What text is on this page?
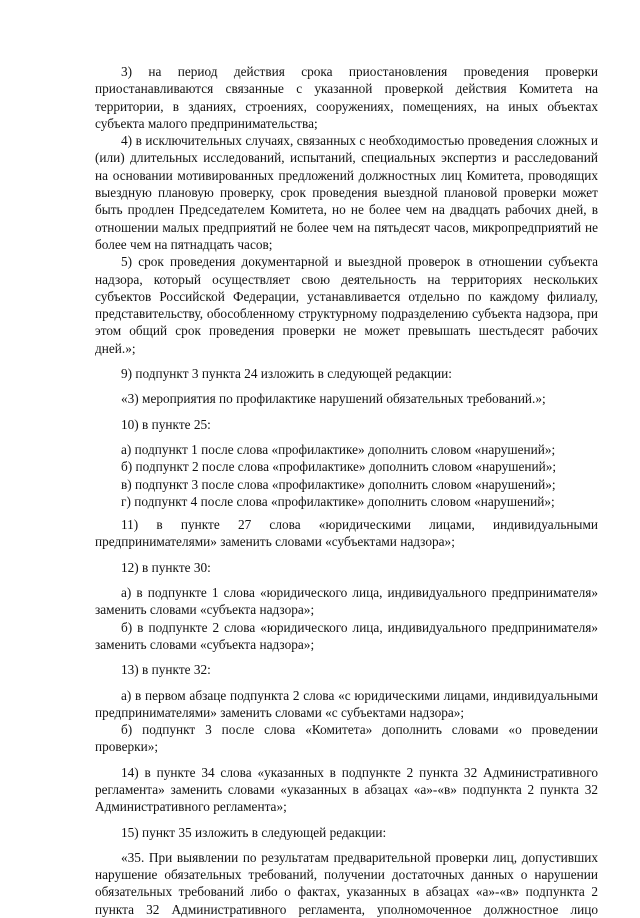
3) на период действия срока приостановления проведения проверки приостанавливаются связанные с указанной проверкой действия Комитета на территории, в зданиях, строениях, сооружениях, помещениях, на иных объектах субъекта малого предпринимательства;

4) в исключительных случаях, связанных с необходимостью проведения сложных и (или) длительных исследований, испытаний, специальных экспертиз и расследований на основании мотивированных предложений должностных лиц Комитета, проводящих выездную плановую проверку, срок проведения выездной плановой проверки может быть продлен Председателем Комитета, но не более чем на двадцать рабочих дней, в отношении малых предприятий не более чем на пятьдесят часов, микропредприятий не более чем на пятнадцать часов;

5) срок проведения документарной и выездной проверок в отношении субъекта надзора, который осуществляет свою деятельность на территориях нескольких субъектов Российской Федерации, устанавливается отдельно по каждому филиалу, представительству, обособленному структурному подразделению субъекта надзора, при этом общий срок проведения проверки не может превышать шестьдесят рабочих дней.»;

9) подпункт 3 пункта 24 изложить в следующей редакции:

«3) мероприятия по профилактике нарушений обязательных требований.»;

10) в пункте 25:

а) подпункт 1 после слова «профилактике» дополнить словом «нарушений»;

б) подпункт 2 после слова «профилактике» дополнить словом «нарушений»;

в) подпункт 3 после слова «профилактике» дополнить словом «нарушений»;

г) подпункт 4 после слова «профилактике» дополнить словом «нарушений»;

11) в пункте 27 слова «юридическими лицами, индивидуальными предпринимателями» заменить словами «субъектами надзора»;

12) в пункте 30:

а) в подпункте 1 слова «юридического лица, индивидуального предпринимателя» заменить словами «субъекта надзора»;

б) в подпункте 2 слова «юридического лица, индивидуального предпринимателя» заменить словами «субъекта надзора»;

13) в пункте 32:

а) в первом абзаце подпункта 2 слова «с юридическими лицами, индивидуальными предпринимателями» заменить словами «с субъектами надзора»;

б) подпункт 3 после слова «Комитета» дополнить словами «о проведении проверки»;

14) в пункте 34 слова «указанных в подпункте 2 пункта 32 Административного регламента» заменить словами «указанных в абзацах «а»-«в» подпункта 2 пункта 32 Административного регламента»;

15) пункт 35 изложить в следующей редакции:

«35. При выявлении по результатам предварительной проверки лиц, допустивших нарушение обязательных требований, получении достаточных данных о нарушении обязательных требований либо о фактах, указанных в абзацах «а»-«в» подпункта 2 пункта 32 Административного регламента, уполномоченное должностное лицо
